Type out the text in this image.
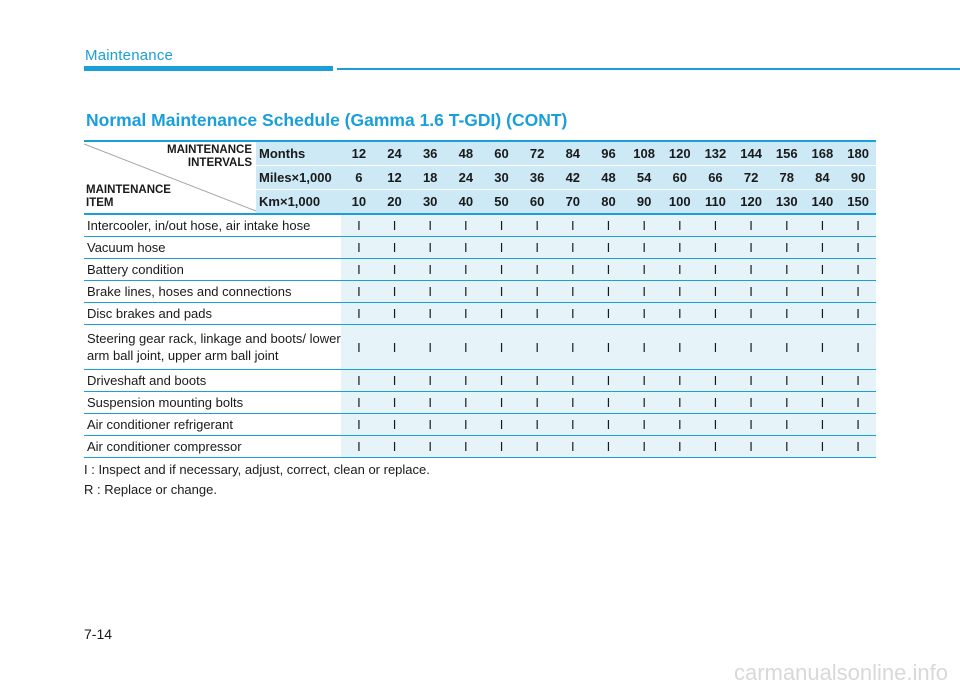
Maintenance
Normal Maintenance Schedule (Gamma 1.6 T-GDI) (CONT)
MAINTENANCE
INTERVALS
MAINTENANCE
ITEM	Months	12	24	36	48	60	72	84	96	108	120	132	144	156	168	180
	Miles×1,000	6	12	18	24	30	36	42	48	54	60	66	72	78	84	90
	Km×1,000	10	20	30	40	50	60	70	80	90	100	110	120	130	140	150
Intercooler, in/out hose, air intake hose		I	I	I	I	I	I	I	I	I	I	I	I	I	I	I
Vacuum hose		I	I	I	I	I	I	I	I	I	I	I	I	I	I	I
Battery condition		I	I	I	I	I	I	I	I	I	I	I	I	I	I	I
Brake lines, hoses and connections		I	I	I	I	I	I	I	I	I	I	I	I	I	I	I
Disc brakes and pads		I	I	I	I	I	I	I	I	I	I	I	I	I	I	I
Steering gear rack, linkage and boots/ lower arm ball joint, upper arm ball joint		I	I	I	I	I	I	I	I	I	I	I	I	I	I	I
Driveshaft and boots		I	I	I	I	I	I	I	I	I	I	I	I	I	I	I
Suspension mounting bolts		I	I	I	I	I	I	I	I	I	I	I	I	I	I	I
Air conditioner refrigerant		I	I	I	I	I	I	I	I	I	I	I	I	I	I	I
Air conditioner compressor		I	I	I	I	I	I	I	I	I	I	I	I	I	I	I
I : Inspect and if necessary, adjust, correct, clean or replace.
R : Replace or change.
7-14
carmanualsonline.info
